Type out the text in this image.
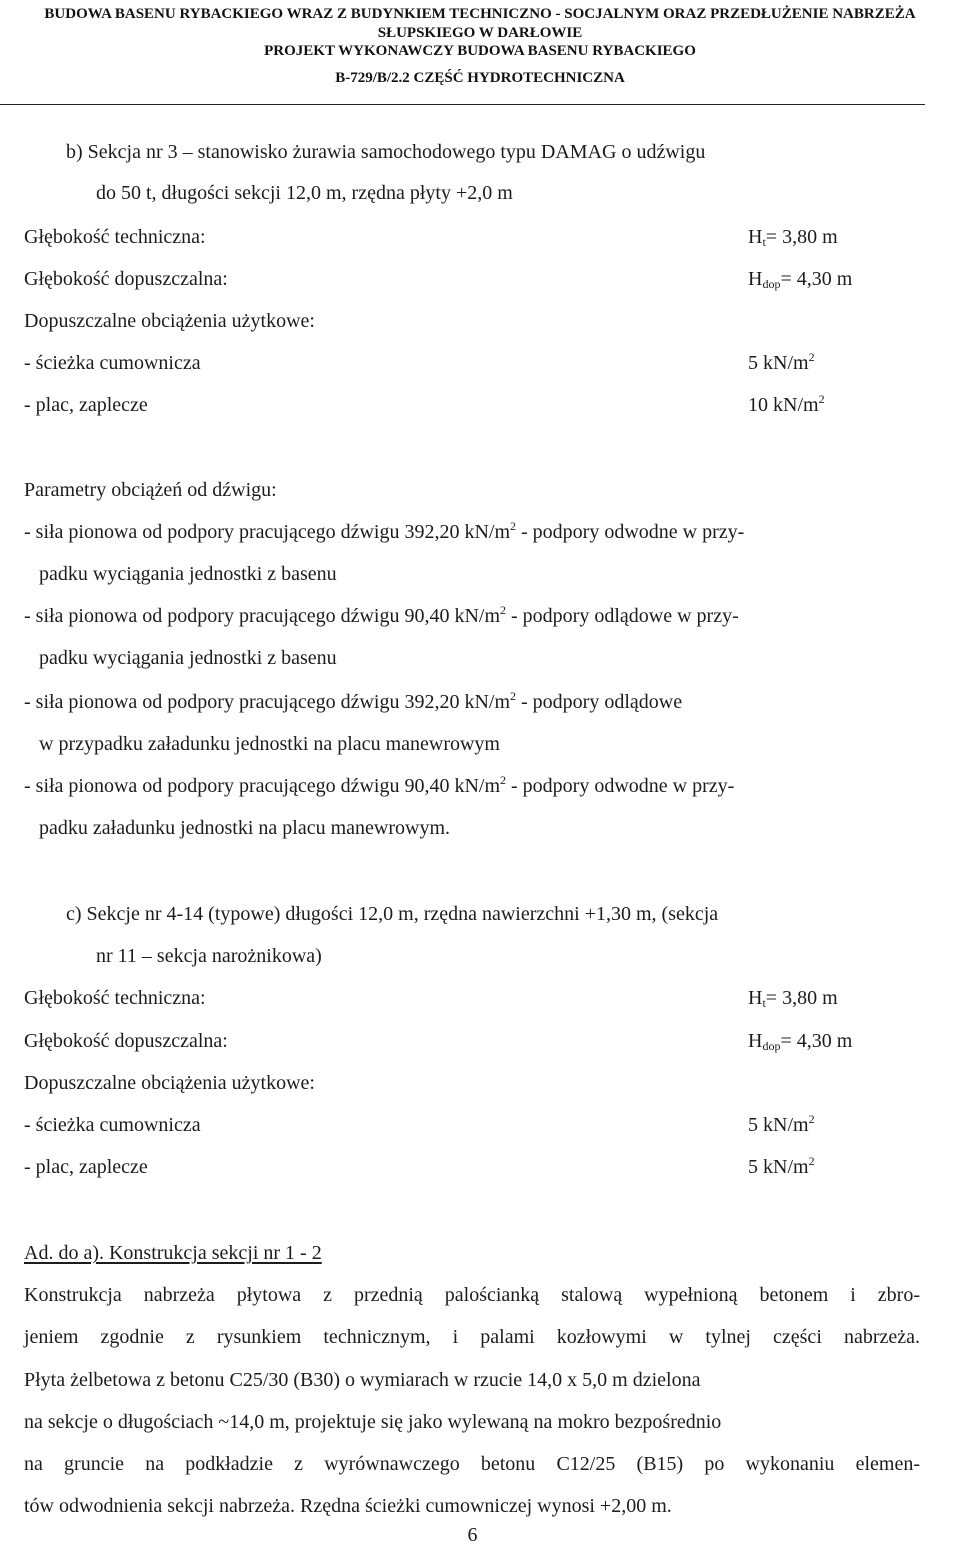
BUDOWA BASENU RYBACKIEGO WRAZ Z BUDYNKIEM TECHNICZNO - SOCJALNYM ORAZ PRZEDŁUŻENIE NABRZEŻA
SŁUPSKIEGO W DARŁOWIE
PROJEKT WYKONAWCZY BUDOWA BASENU RYBACKIEGO
B-729/B/2.2 CZĘŚĆ HYDROTECHNICZNA
b) Sekcja nr 3 – stanowisko żurawia samochodowego typu DAMAG o udźwigu
do 50 t, długości sekcji 12,0 m, rzędna płyty +2,0 m
Głębokość techniczna:	$H_t= 3,80$ m
Głębokość dopuszczalna:	$H_{dop}= 4,30$ m
Dopuszczalne obciążenia użytkowe:
- ścieżka cumownicza	5 $kN/m^2$
- plac, zaplecze	10 $kN/m^2$
Parametry obciążeń od dźwigu:
- siła pionowa od podpory pracującego dźwigu 392,20 $kN/m^2$ - podpory odwodne w przy-
padku wyciągania jednostki z basenu
- siła pionowa od podpory pracującego dźwigu 90,40 $kN/m^2$ - podpory odlądowe w przy-
padku wyciągania jednostki z basenu
- siła pionowa od podpory pracującego dźwigu 392,20 $kN/m^2$ - podpory odlądowe
w przypadku załadunku jednostki na placu manewrowym
- siła pionowa od podpory pracującego dźwigu 90,40 $kN/m^2$ - podpory odwodne w przy-
padku załadunku jednostki na placu manewrowym.
c) Sekcje nr 4-14 (typowe) długości 12,0 m, rzędna nawierzchni +1,30 m, (sekcja
nr 11 – sekcja narożnikowa)
Głębokość techniczna:	$H_t= 3,80$ m
Głębokość dopuszczalna:	$H_{dop}= 4,30$ m
Dopuszczalne obciążenia użytkowe:
- ścieżka cumownicza	5 $kN/m^2$
- plac, zaplecze	5 $kN/m^2$
Ad. do a). Konstrukcja sekcji nr 1 - 2
Konstrukcja nabrzeża płytowa z przednią palościanką stalową wypełnioną betonem i zbro-
jeniem zgodnie z rysunkiem technicznym, i palami kozłowymi w tylnej części nabrzeża.
Płyta żelbetowa z betonu C25/30 (B30) o wymiarach w rzucie 14,0 x 5,0 m dzielona
na sekcje o długościach ~14,0 m, projektuje się jako wylewaną na mokro bezpośrednio
na gruncie na podkładzie z wyrównawczego betonu C12/25 (B15) po wykonaniu elemen-
tów odwodnienia sekcji nabrzeża. Rzędna ścieżki cumowniczej wynosi +2,00 m.
6
